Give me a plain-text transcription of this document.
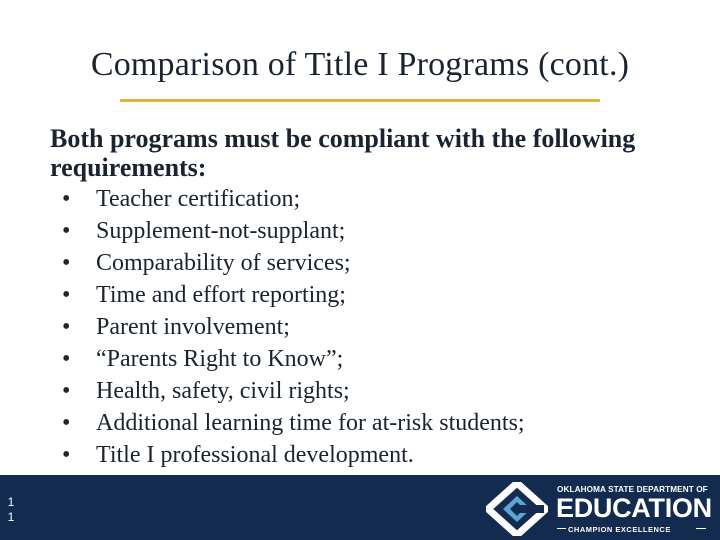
Comparison of Title I Programs (cont.)

Both programs must be compliant with the following requirements:

• Teacher certification;
• Supplement-not-supplant;
• Comparability of services;
• Time and effort reporting;
• Parent involvement;
• “Parents Right to Know”;
• Health, safety, civil rights;
• Additional learning time for at-risk students;
• Title I professional development.
1
1
OKLAHOMA STATE DEPARTMENT OF
EDUCATION
CHAMPION EXCELLENCE
